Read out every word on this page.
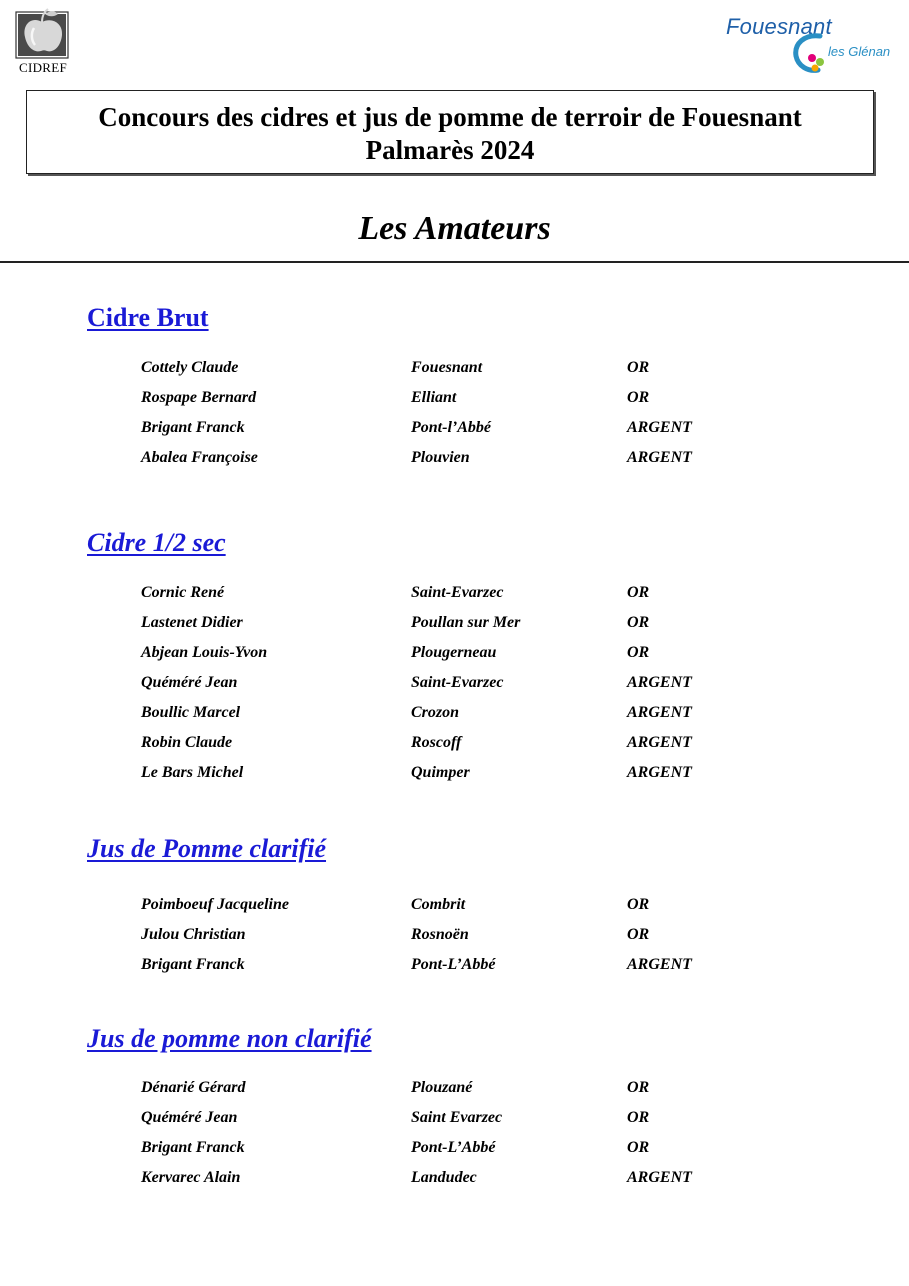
CIDREF
Fouesnant
les Glénan
Concours des cidres et jus de pomme de terroir de Fouesnant
Palmarès 2024
Les Amateurs
Cidre Brut
Cottely Claude	Fouesnant	OR
Rospape Bernard	Elliant	OR
Brigant Franck	Pont-l’Abbé	ARGENT
Abalea Françoise	Plouvien	ARGENT
Cidre 1/2 sec
Cornic René	Saint-Evarzec	OR
Lastenet Didier	Poullan sur Mer	OR
Abjean Louis-Yvon	Plougerneau	OR
Quéméré Jean	Saint-Evarzec	ARGENT
Boullic Marcel	Crozon	ARGENT
Robin Claude	Roscoff	ARGENT
Le Bars Michel	Quimper	ARGENT
Jus de Pomme clarifié
Poimboeuf Jacqueline	Combrit	OR
Julou Christian	Rosnoën	OR
Brigant Franck	Pont-L’Abbé	ARGENT
Jus de pomme non clarifié
Dénarié Gérard	Plouzané	OR
Quéméré Jean	Saint Evarzec	OR
Brigant Franck	Pont-L’Abbé	OR
Kervarec Alain	Landudec	ARGENT
